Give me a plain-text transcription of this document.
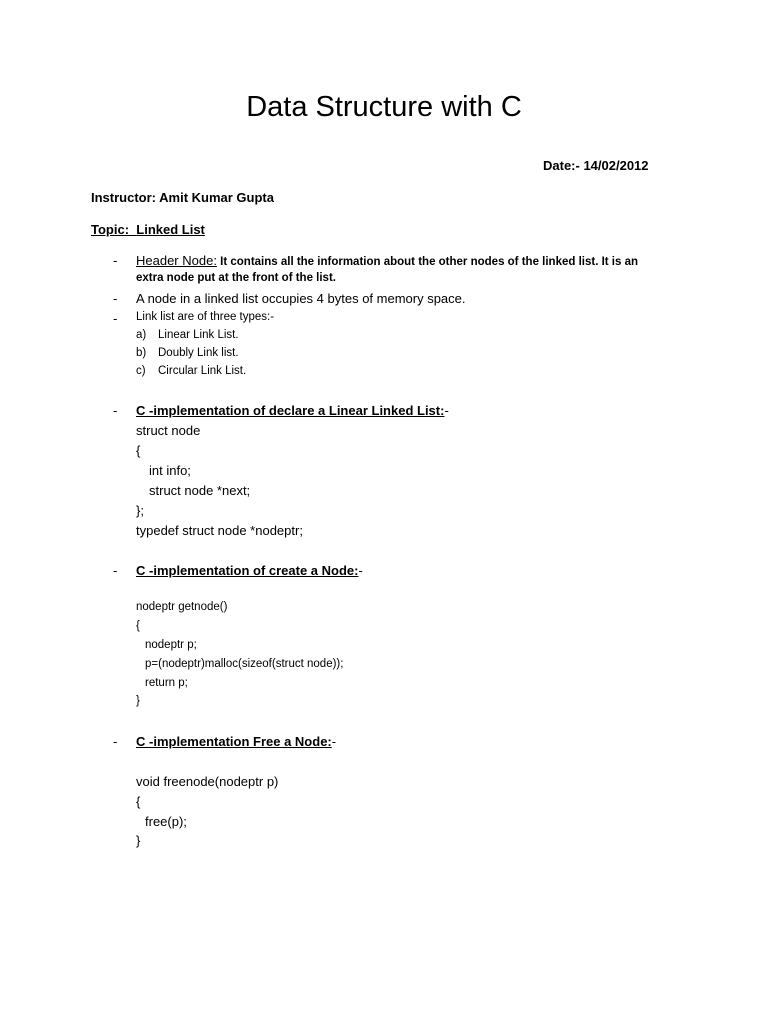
Data Structure with C
Date:- 14/02/2012
Instructor: Amit Kumar Gupta
Topic: Linked List
- Header Node: It contains all the information about the other nodes of the linked list. It is an
extra node put at the front of the list.
- A node in a linked list occupies 4 bytes of memory space.
- Link list are of three types:-
a) Linear Link List.
b) Doubly Link list.
c) Circular Link List.
- C -implementation of declare a Linear Linked List:-
struct node
{
int info;
struct node *next;
};
typedef struct node *nodeptr;
- C -implementation of create a Node:-
nodeptr getnode()
{
nodeptr p;
p=(nodeptr)malloc(sizeof(struct node));
return p;
}
- C -implementation Free a Node:-
void freenode(nodeptr p)
{
free(p);
}
